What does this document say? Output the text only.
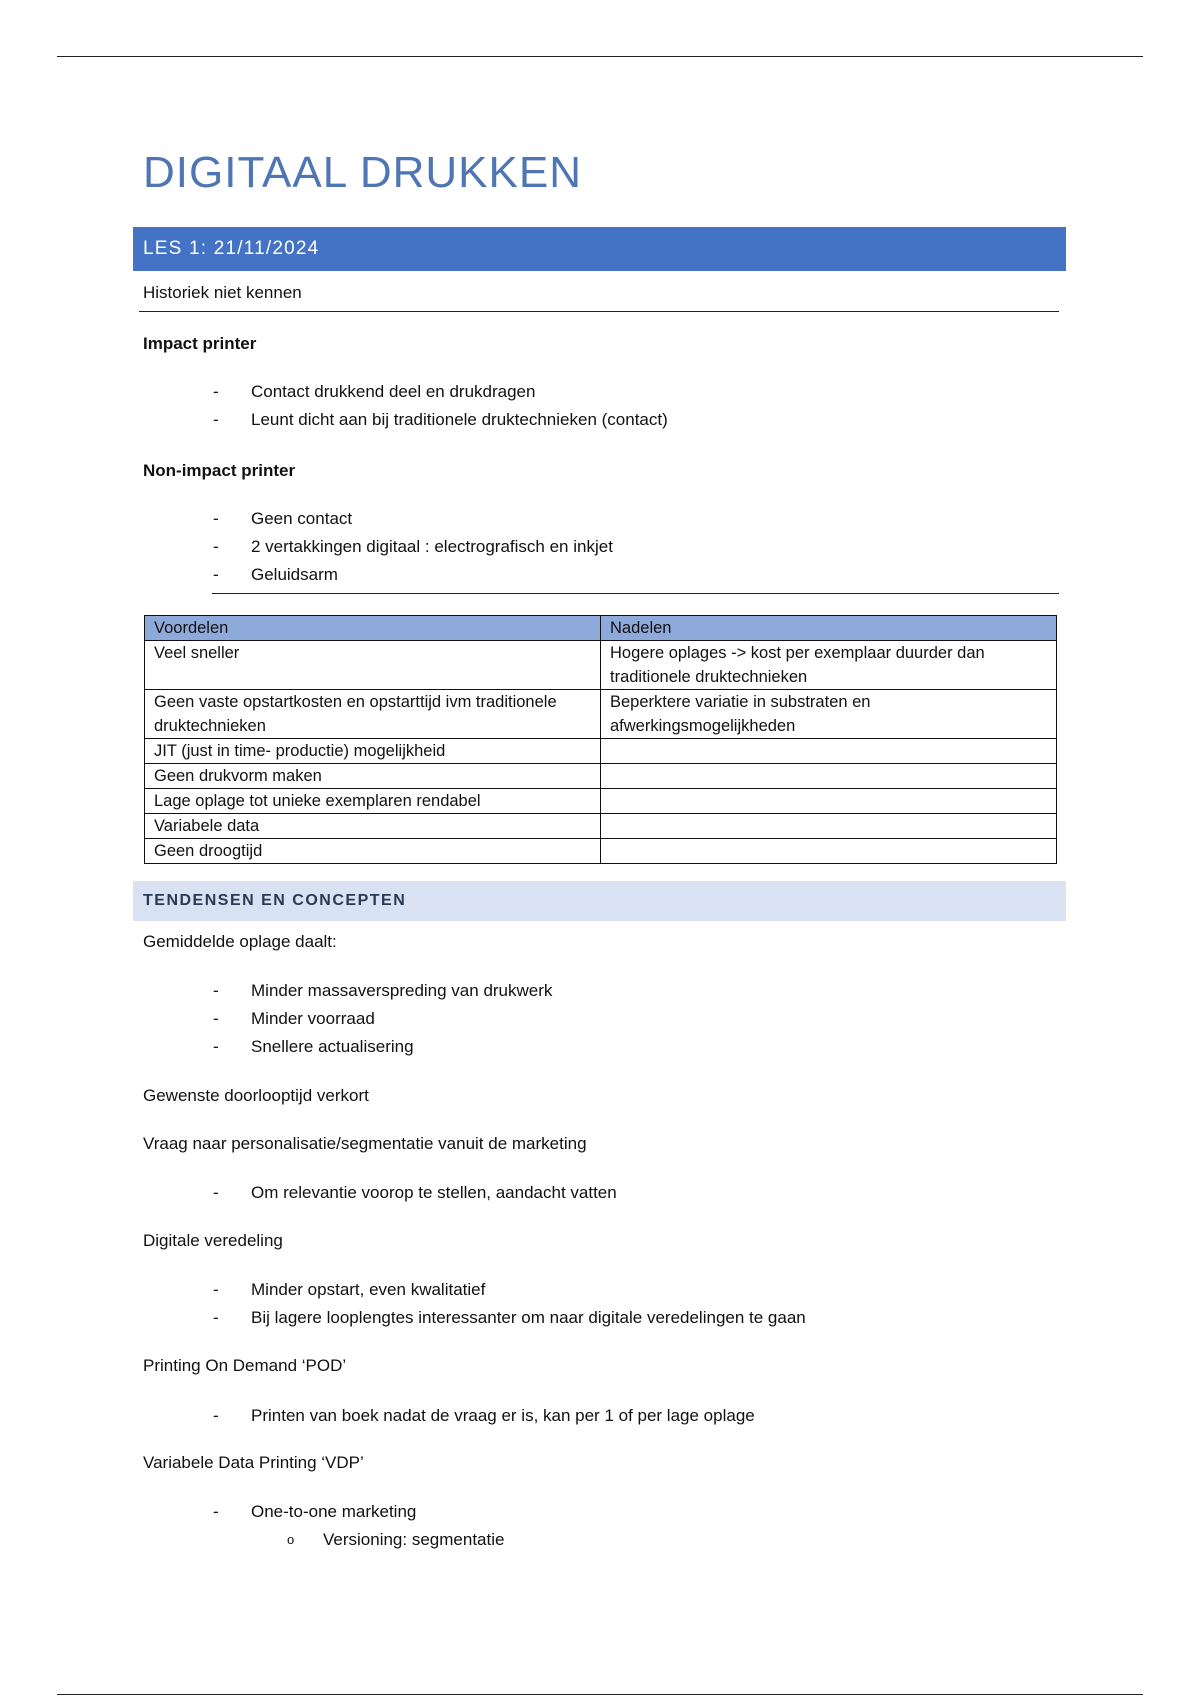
DIGITAAL DRUKKEN
LES 1: 21/11/2024
Historiek niet kennen
Impact printer
- Contact drukkend deel en drukdragen
- Leunt dicht aan bij traditionele druktechnieken (contact)
Non-impact printer
- Geen contact
- 2 vertakkingen digitaal : electrografisch en inkjet
- Geluidsarm
Voordelen	Nadelen
Veel sneller	Hogere oplages -> kost per exemplaar duurder dan traditionele druktechnieken
Geen vaste opstartkosten en opstarttijd ivm traditionele druktechnieken	Beperktere variatie in substraten en afwerkingsmogelijkheden
JIT (just in time- productie) mogelijkheid	
Geen drukvorm maken	
Lage oplage tot unieke exemplaren rendabel	
Variabele data	
Geen droogtijd	
TENDENSEN EN CONCEPTEN
Gemiddelde oplage daalt:
- Minder massaverspreding van drukwerk
- Minder voorraad
- Snellere actualisering
Gewenste doorlooptijd verkort
Vraag naar personalisatie/segmentatie vanuit de marketing
- Om relevantie voorop te stellen, aandacht vatten
Digitale veredeling
- Minder opstart, even kwalitatief
- Bij lagere looplengtes interessanter om naar digitale veredelingen te gaan
Printing On Demand ‘POD’
- Printen van boek nadat de vraag er is, kan per 1 of per lage oplage
Variabele Data Printing ‘VDP’
- One-to-one marketing
o Versioning: segmentatie
